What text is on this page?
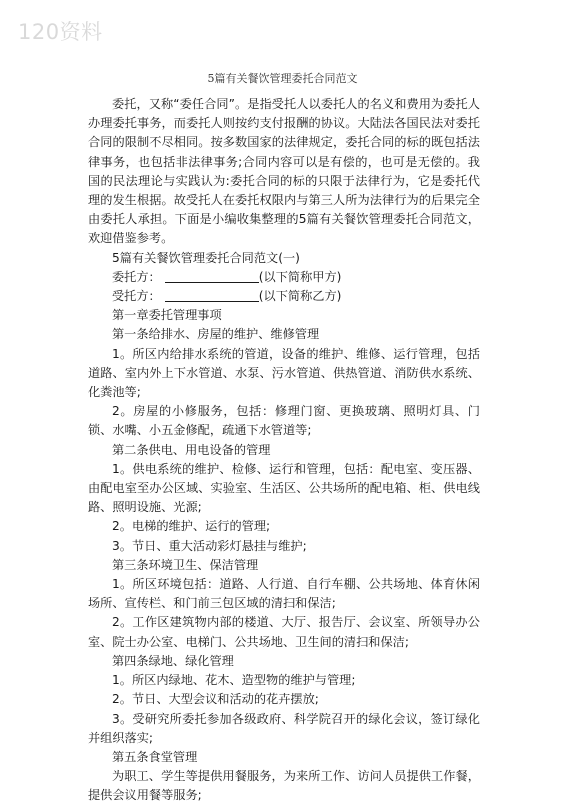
120资料
5篇有关餐饮管理委托合同范文

委托，又称“委任合同”。是指受托人以委托人的名义和费用为委托人办理委托事务，而委托人则按约支付报酬的协议。大陆法各国民法对委托合同的限制不尽相同。按多数国家的法律规定，委托合同的标的既包括法律事务，也包括非法律事务;合同内容可以是有偿的，也可是无偿的。我国的民法理论与实践认为:委托合同的标的只限于法律行为，它是委托代理的发生根据。故受托人在委托权限内与第三人所为法律行为的后果完全由委托人承担。下面是小编收集整理的5篇有关餐饮管理委托合同范文，欢迎借鉴参考。

5篇有关餐饮管理委托合同范文(一)

委托方：	(以下简称甲方)

受托方：	(以下简称乙方)

第一章委托管理事项

第一条给排水、房屋的维护、维修管理

1。所区内给排水系统的管道，设备的维护、维修、运行管理，包括道路、室内外上下水管道、水泵、污水管道、供热管道、消防供水系统、化粪池等;

2。房屋的小修服务，包括：修理门窗、更换玻璃、照明灯具、门锁、水嘴、小五金修配，疏通下水管道等;

第二条供电、用电设备的管理

1。供电系统的维护、检修、运行和管理，包括：配电室、变压器、由配电室至办公区域、实验室、生活区、公共场所的配电箱、柜、供电线路、照明设施、光源;

2。电梯的维护、运行的管理;

3。节日、重大活动彩灯悬挂与维护;

第三条环境卫生、保洁管理

1。所区环境包括：道路、人行道、自行车棚、公共场地、体育休闲场所、宣传栏、和门前三包区域的清扫和保洁;

2。工作区建筑物内部的楼道、大厅、报告厅、会议室、所领导办公室、院士办公室、电梯门、公共场地、卫生间的清扫和保洁;

第四条绿地、绿化管理

1。所区内绿地、花木、造型物的维护与管理;

2。节日、大型会议和活动的花卉摆放;

3。受研究所委托参加各级政府、科学院召开的绿化会议，签订绿化并组织落实;

第五条食堂管理

为职工、学生等提供用餐服务，为来所工作、访问人员提供工作餐，提供会议用餐等服务;
